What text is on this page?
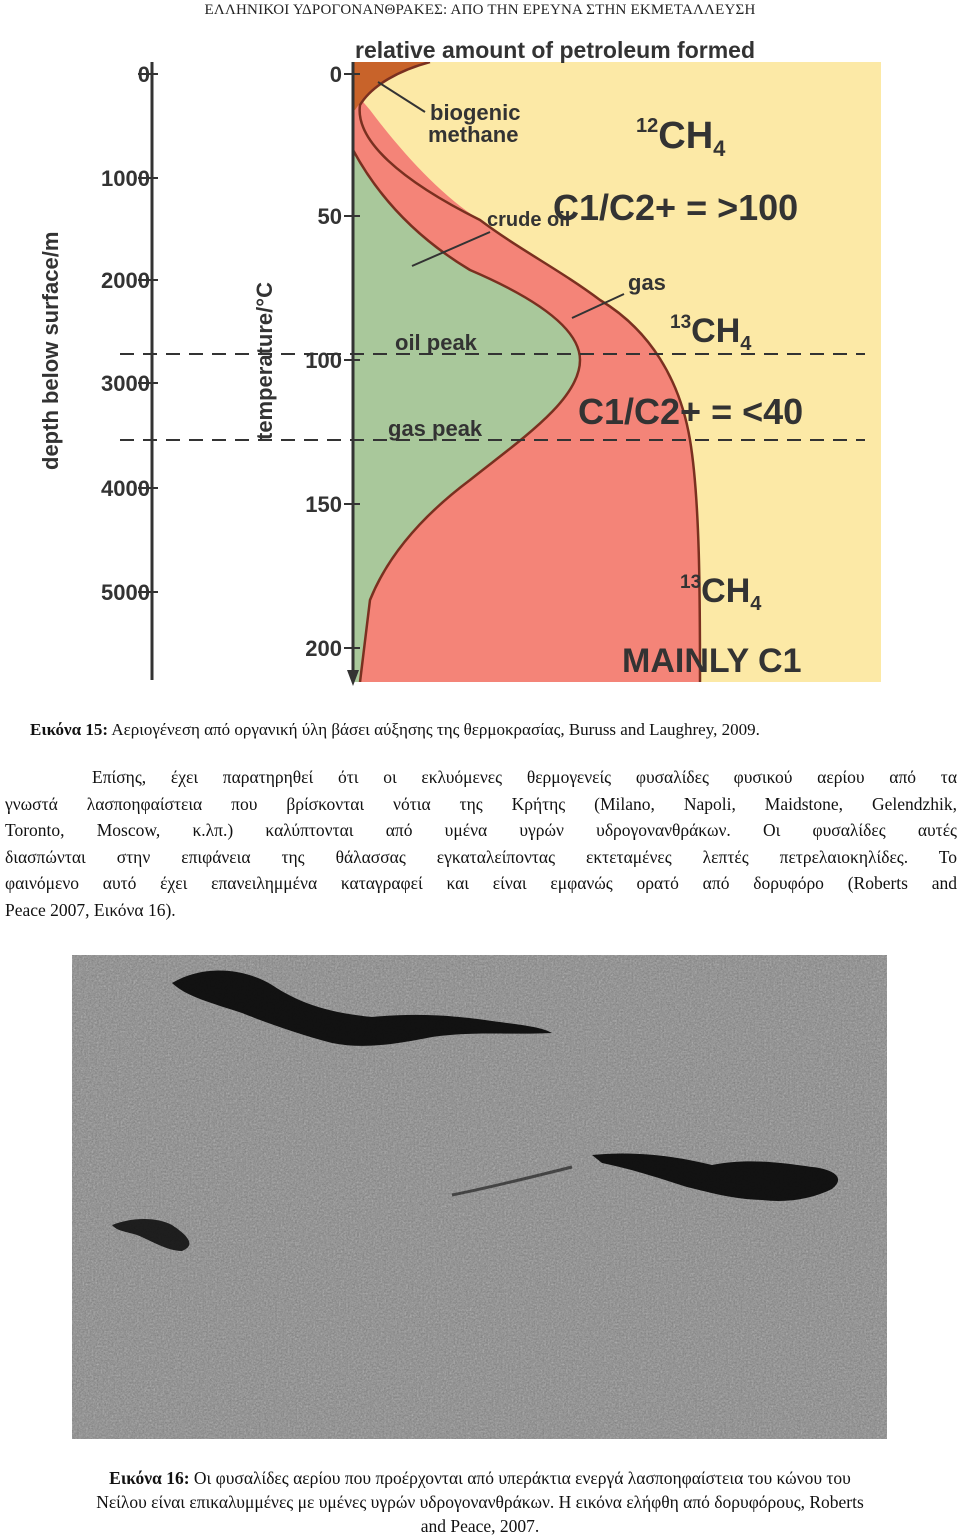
ΕΛΛΗΝΙΚΟΙ ΥΔΡΟΓΟΝΑΝΘΡΑΚΕΣ: ΑΠΟ ΤΗΝ ΕΡΕΥΝΑ ΣΤΗΝ ΕΚΜΕΤΑΛΛΕΥΣΗ
0
1000
2000
3000
4000
5000
0
50
100
150
200
depth below surface/m	temperature/°C
relative amount of petroleum formed
biogenic
methane
crude oil
gas
oil peak
gas peak
$^{12}CH_4$
C1/C2+ = >100
$^{13}CH_4$
C1/C2+ = <40
$^{13}CH_4$
MAINLY C1
Εικόνα 15: Αεριογένεση από οργανική ύλη βάσει αύξησης της θερμοκρασίας, Buruss and Laughrey, 2009.
Επίσης, έχει παρατηρηθεί ότι οι εκλυόμενες θερμογενείς φυσαλίδες φυσικού αερίου από τα
γνωστά λασποηφαίστεια που βρίσκονται νότια της Κρήτης (Milano, Napoli, Maidstone, Gelendzhik,
Toronto, Moscow, κ.λπ.) καλύπτονται από υμένα υγρών υδρογονανθράκων. Οι φυσαλίδες αυτές
διασπώνται στην επιφάνεια της θάλασσας εγκαταλείποντας εκτεταμένες λεπτές πετρελαιοκηλίδες. Το
φαινόμενο αυτό έχει επανειλημμένα καταγραφεί και είναι εμφανώς ορατό από δορυφόρο (Roberts and
Peace 2007, Εικόνα 16).
Εικόνα 16: Οι φυσαλίδες αερίου που προέρχονται από υπεράκτια ενεργά λασποηφαίστεια του κώνου του
Νείλου είναι επικαλυμμένες με υμένες υγρών υδρογονανθράκων. Η εικόνα ελήφθη από δορυφόρους, Roberts
and Peace, 2007.
